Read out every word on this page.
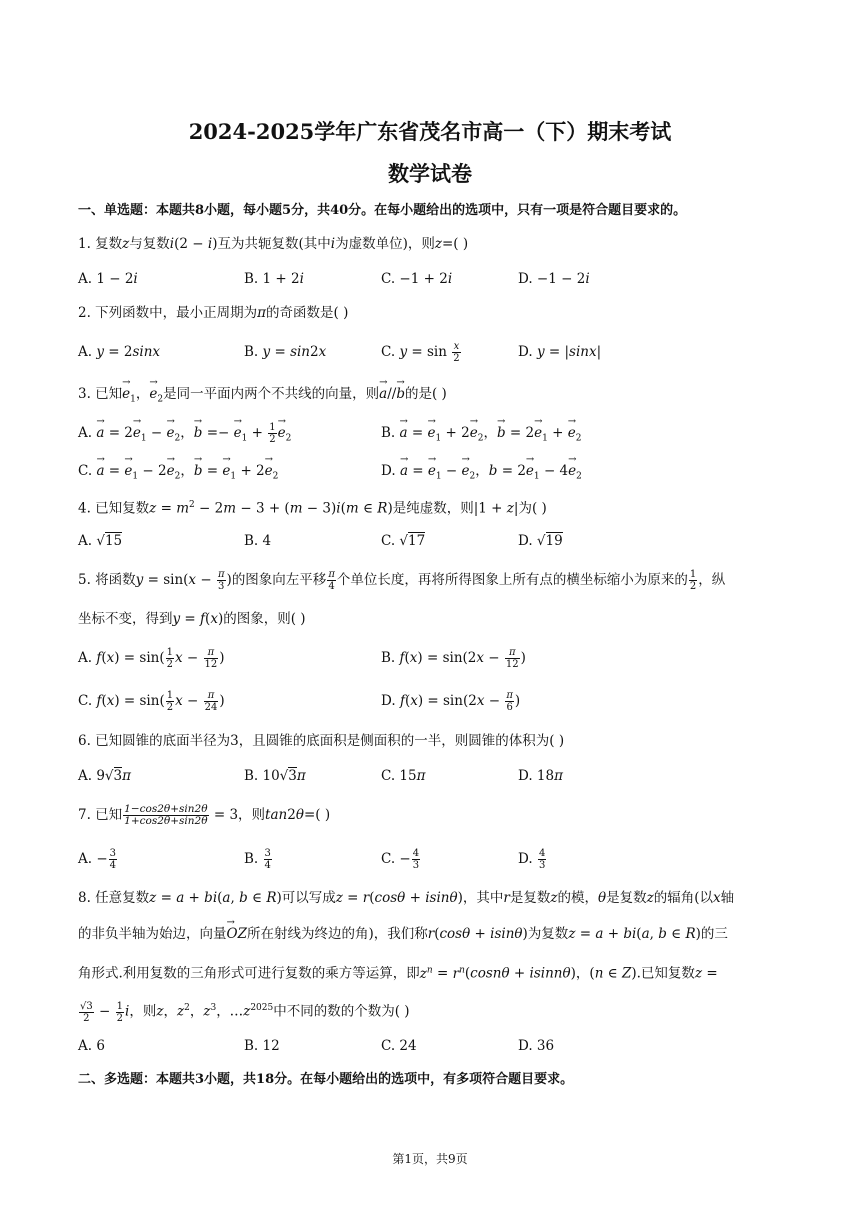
2024-2025学年广东省茂名市高一（下）期末考试
数学试卷
一、单选题：本题共8小题，每小题5分，共40分。在每小题给出的选项中，只有一项是符合题目要求的。
1. 复数z与复数i(2 − i)互为共轭复数(其中i为虚数单位)，则z=( )
A. 1 − 2i	B. 1 + 2i	C. −1 + 2i	D. −1 − 2i
2. 下列函数中，最小正周期为π的奇函数是( )
A. y = 2sinx	B. y = sin2x	C. $y = \sin \frac{x}{2}$	D. y = |sinx|
3. 已知→ $e_1$，→ $e_2$是同一平面内两个不共线的向量，则→ a//→ b的是( )
A. → $a = 2\to e_1$ − → $e_2$，→ b =− → $e_1 + \frac{1}{2}$
→ $e_2$	B. → a = → $e_1 + 2\to e_2$，→ $b = 2\to e_1$ + → $e_2$
C. → a = → $e_1 - 2\to e_2$，→ b = → $e_1 + 2\to e_2$	D. → a = → $e_1$ − → $e_2$，$b = 2\to e_1 - 4\to e_2$
4. 已知复数$z = m^2 - 2m - 3 + (m - 3)i(m$ ∈ R)是纯虚数，则|1 + z|为( )
A. √15	B. 4	C. √17	D. √19
5. 将函数$y = \sin(x - \frac{\pi}{3}$ )的图象向左平移 $\frac{\pi}{4}$ 个单位长度，再将所得图象上所有点的横坐标缩小为原来的 $\frac{1}{2}$ ，纵
坐标不变，得到y = f(x)的图象，则( )
A. $f(x) = \sin( \frac{1}{2}$ $x - \frac{\pi}{12}$ )	B. $f(x) = \sin(2x - \frac{\pi}{12}$ )
C. $f(x) = \sin( \frac{1}{2}$ $x - \frac{\pi}{24}$ )	D. $f(x) = \sin(2x - \frac{\pi}{6}$ )
6. 已知圆锥的底面半径为3，且圆锥的底面积是侧面积的一半，则圆锥的体积为( )
A. 9√3π	B. 10√3π	C. 15π	D. 18π
7. 已知 $\frac{1-\cos 2\theta+\sin 2\theta}{1+\cos 2\theta+\sin 2\theta} = 3$，则tan2θ=( )
A. − $\frac{3}{4}$	B. $\frac{3}{4}$	C. − $\frac{4}{3}$	D. $\frac{4}{3}$
8. 任意复数z = a + bi(a, b ∈ R)可以写成z = r(cosθ + isinθ)，其中r是复数z的模，θ是复数z的辐角(以x轴
的非负半轴为始边，向量→ OZ所在射线为终边的角)，我们称r(cosθ + isinθ)为复数z = a + bi(a, b ∈ R)的三
角形式.利用复数的三角形式可进行复数的乘方等运算，即$z^n = r^n(\cos n\theta + isinn\theta)$，(n ∈ Z).已知复数z =
$\frac{√3}{2} - \frac{1}{2}$ i，则z，$z^2$，$z^3$，$\dots z^{2025}$中不同的数的个数为( )
A. 6	B. 12	C. 24	D. 36
二、多选题：本题共3小题，共18分。在每小题给出的选项中，有多项符合题目要求。
第1页，共9页
